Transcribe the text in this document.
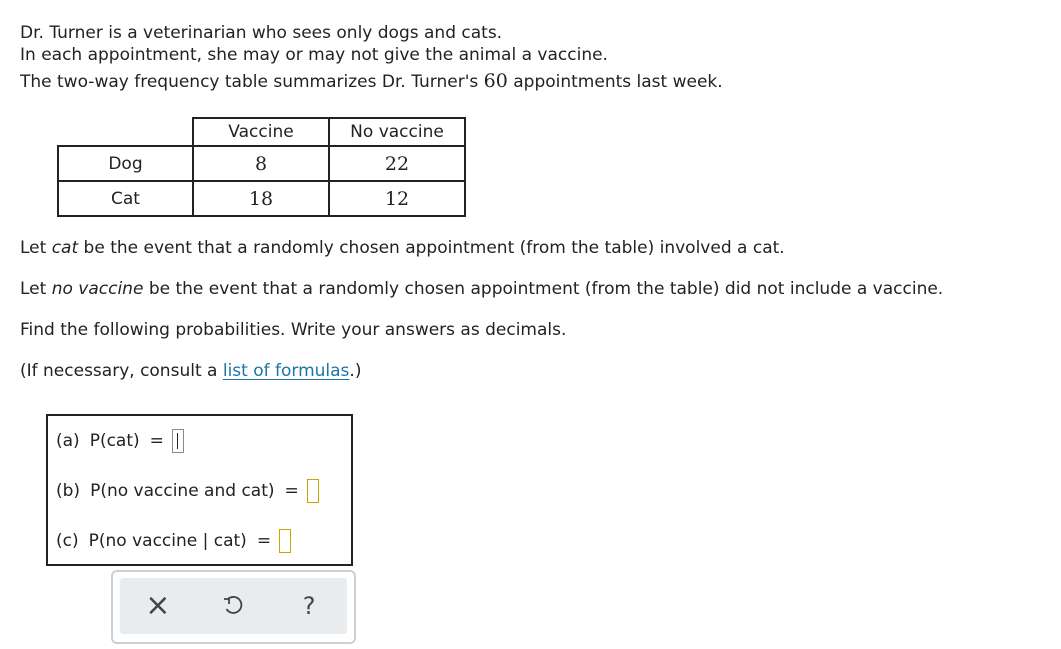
Dr. Turner is a veterinarian who sees only dogs and cats.
In each appointment, she may or may not give the animal a vaccine.
The two-way frequency table summarizes Dr. Turner's 60 appointments last week.
	Vaccine	No vaccine
Dog	8	22
Cat	18	12
Let cat be the event that a randomly chosen appointment (from the table) involved a cat.
Let no vaccine be the event that a randomly chosen appointment (from the table) did not include a vaccine.
Find the following probabilities. Write your answers as decimals.
(If necessary, consult a list of formulas.)
(a) P(cat) =
(b) P(no vaccine and cat) =
(c) P(no vaccine | cat) =
×	?
